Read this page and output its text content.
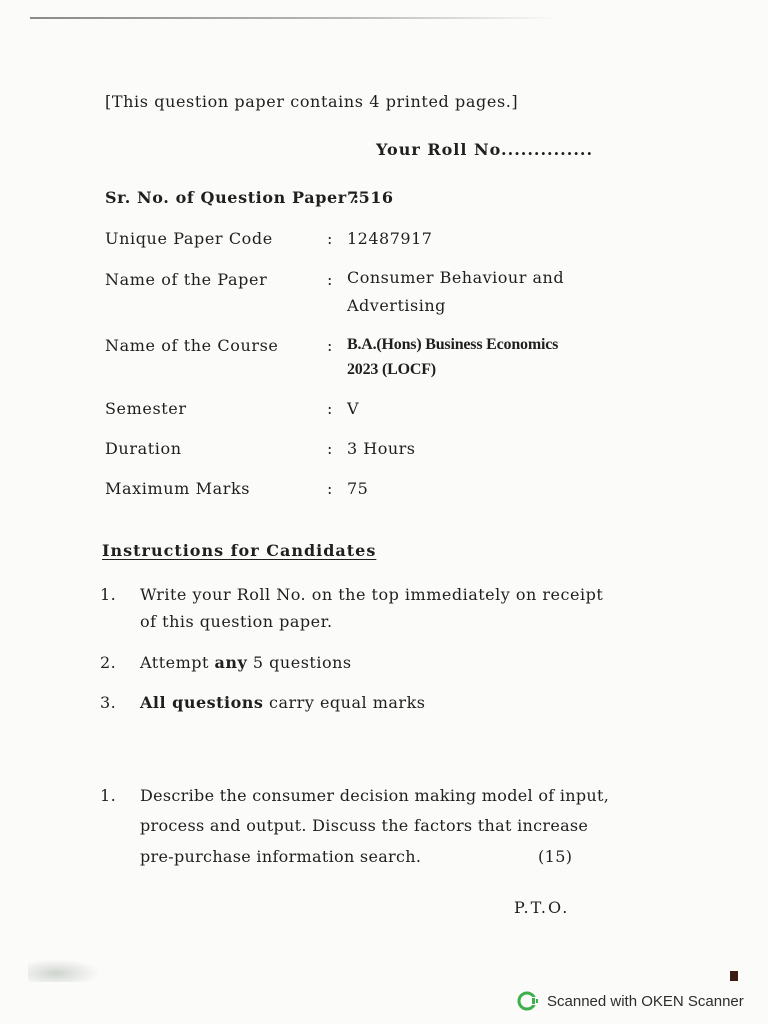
[This question paper contains 4 printed pages.]
Your Roll No..............
Sr. No. of Question Paper :
7516
Unique Paper Code	: 12487917
Name of the Paper	: Consumer Behaviour and
Advertising
Name of the Course	: B.A.(Hons) Business Economics
2023 (LOCF)
Semester	: V
Duration	: 3 Hours
Maximum Marks	: 75
Instructions for Candidates
1. Write your Roll No. on the top immediately on receipt
of this question paper.
2. Attempt any 5 questions
3. All questions carry equal marks
1. Describe the consumer decision making model of input,
process and output. Discuss the factors that increase
pre-purchase information search.	(15)
P.T.O.
Scanned with OKEN Scanner
